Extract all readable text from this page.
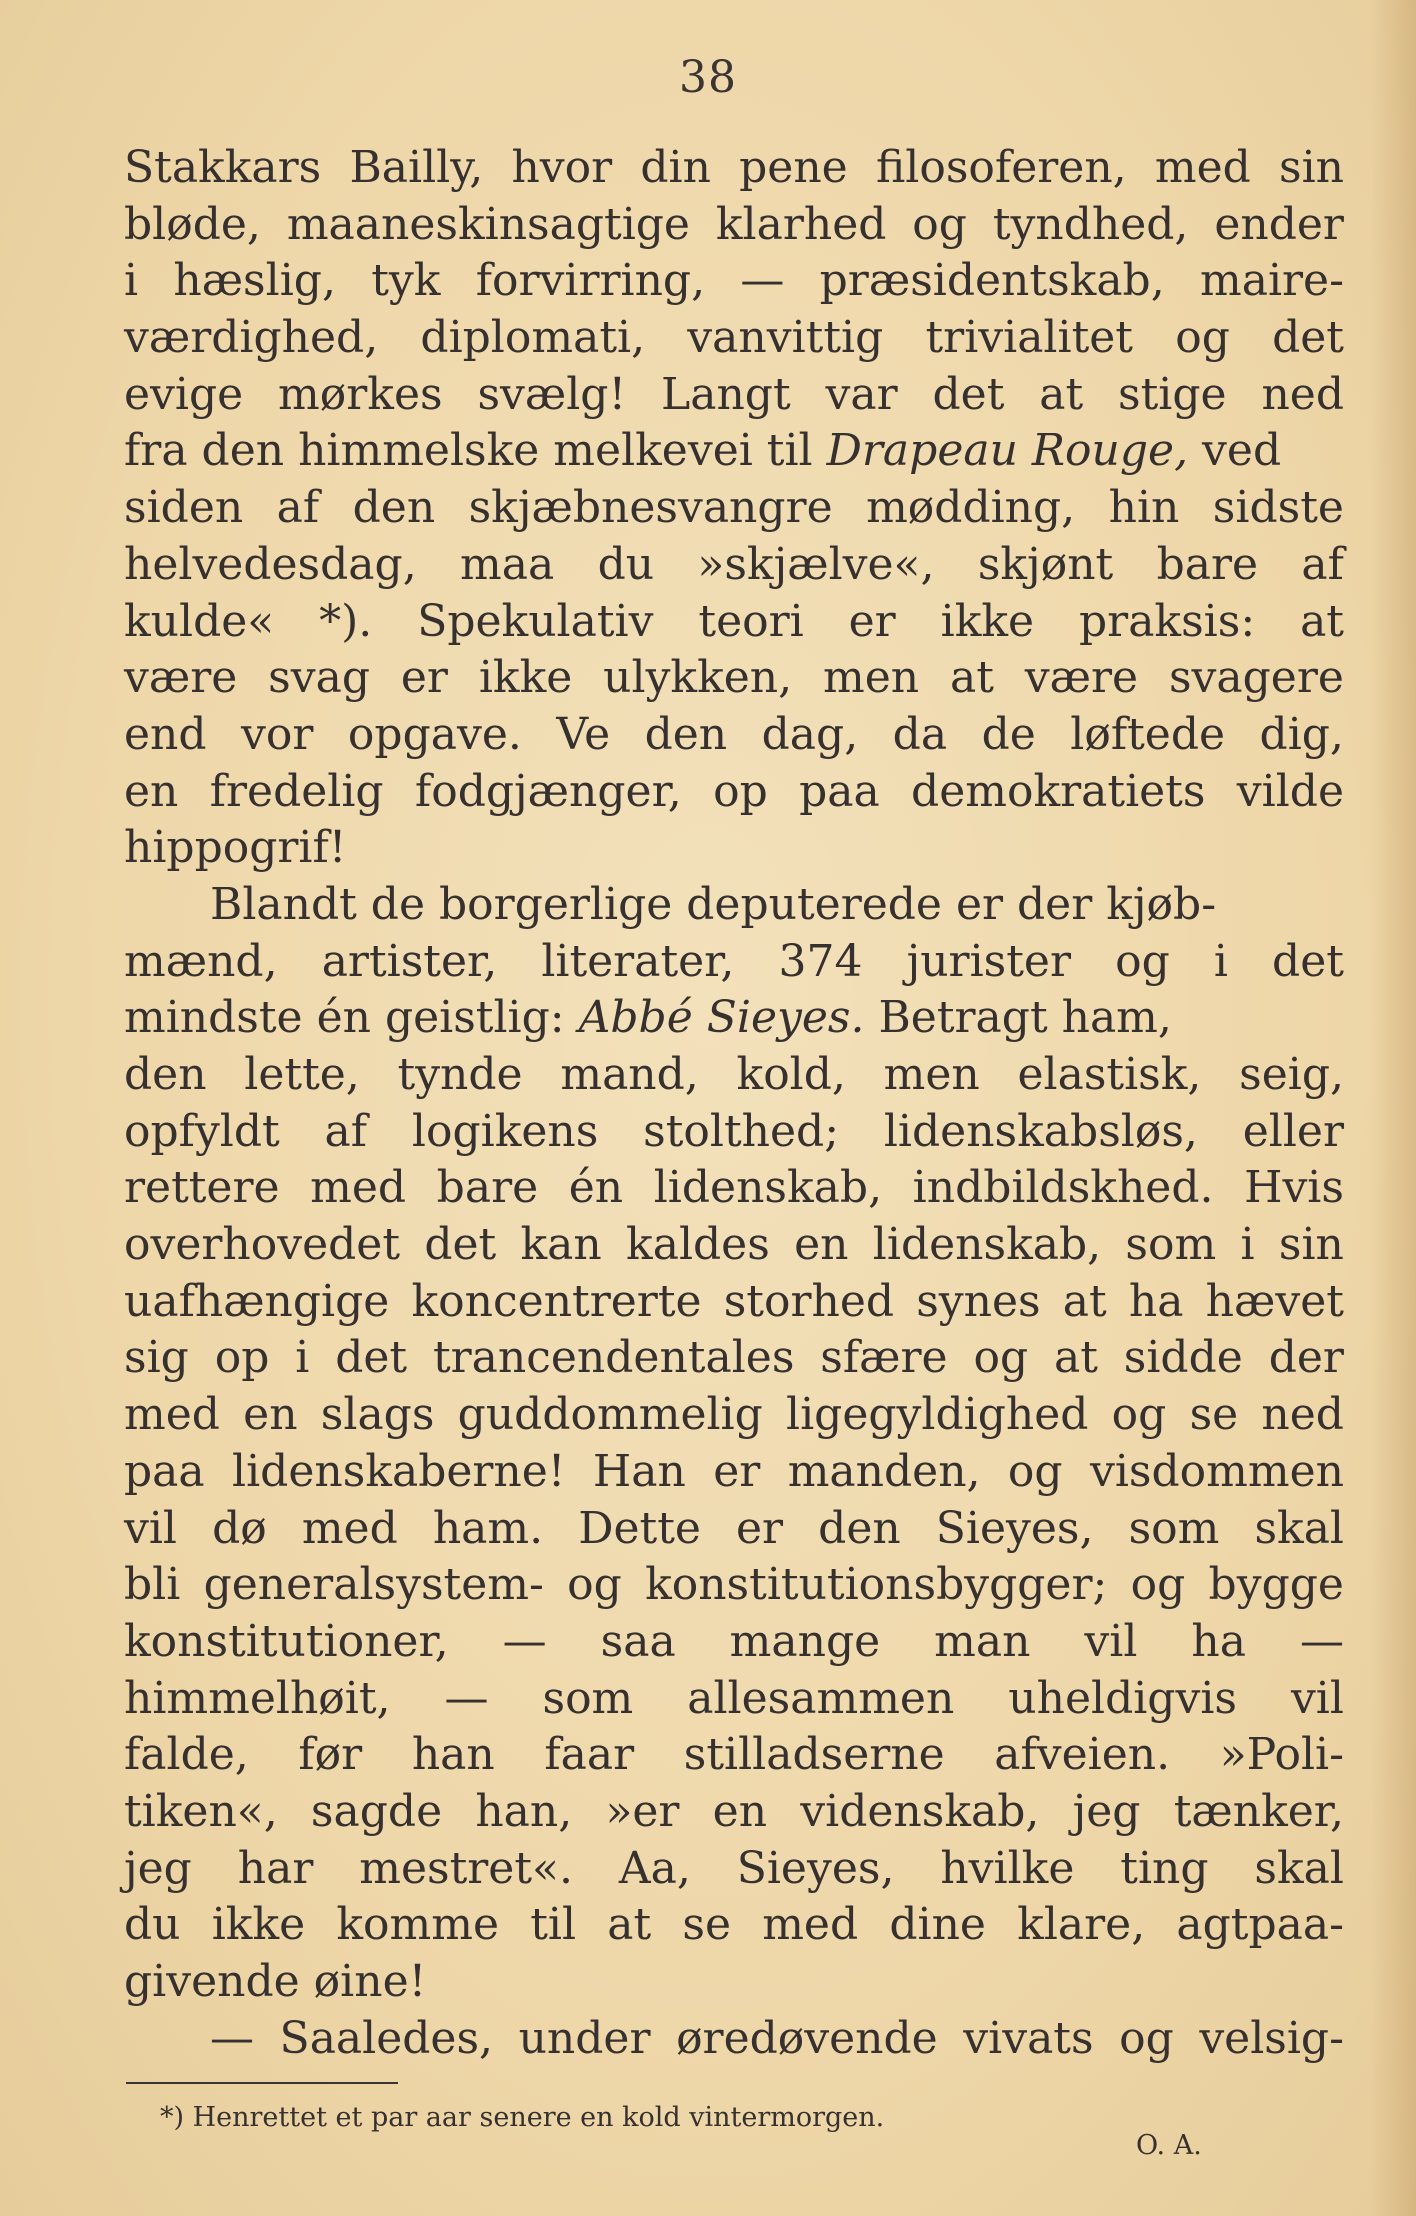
38
Stakkars Bailly, hvor din pene filosoferen, med sin
bløde, maaneskinsagtige klarhed og tyndhed, ender
i hæslig, tyk forvirring, — præsidentskab, maire-
værdighed, diplomati, vanvittig trivialitet og det
evige mørkes svælg! Langt var det at stige ned
fra den himmelske melkevei til Drapeau Rouge, ved
siden af den skjæbnesvangre mødding, hin sidste
helvedesdag, maa du »skjælve«, skjønt bare af
kulde« *). Spekulativ teori er ikke praksis: at
være svag er ikke ulykken, men at være svagere
end vor opgave. Ve den dag, da de løftede dig,
en fredelig fodgjænger, op paa demokratiets vilde
hippogrif!
Blandt de borgerlige deputerede er der kjøb-
mænd, artister, literater, 374 jurister og i det
mindste én geistlig: Abbé Sieyes. Betragt ham,
den lette, tynde mand, kold, men elastisk, seig,
opfyldt af logikens stolthed; lidenskabsløs, eller
rettere med bare én lidenskab, indbildskhed. Hvis
overhovedet det kan kaldes en lidenskab, som i sin
uafhængige koncentrerte storhed synes at ha hævet
sig op i det trancendentales sfære og at sidde der
med en slags guddommelig ligegyldighed og se ned
paa lidenskaberne! Han er manden, og visdommen
vil dø med ham. Dette er den Sieyes, som skal
bli generalsystem- og konstitutionsbygger; og bygge
konstitutioner, — saa mange man vil ha —
himmelhøit, — som allesammen uheldigvis vil
falde, før han faar stilladserne afveien. »Poli-
tiken«, sagde han, »er en videnskab, jeg tænker,
jeg har mestret«. Aa, Sieyes, hvilke ting skal
du ikke komme til at se med dine klare, agtpaa-
givende øine!
— Saaledes, under øredøvende vivats og velsig-
*) Henrettet et par aar senere en kold vintermorgen.
O. A.
